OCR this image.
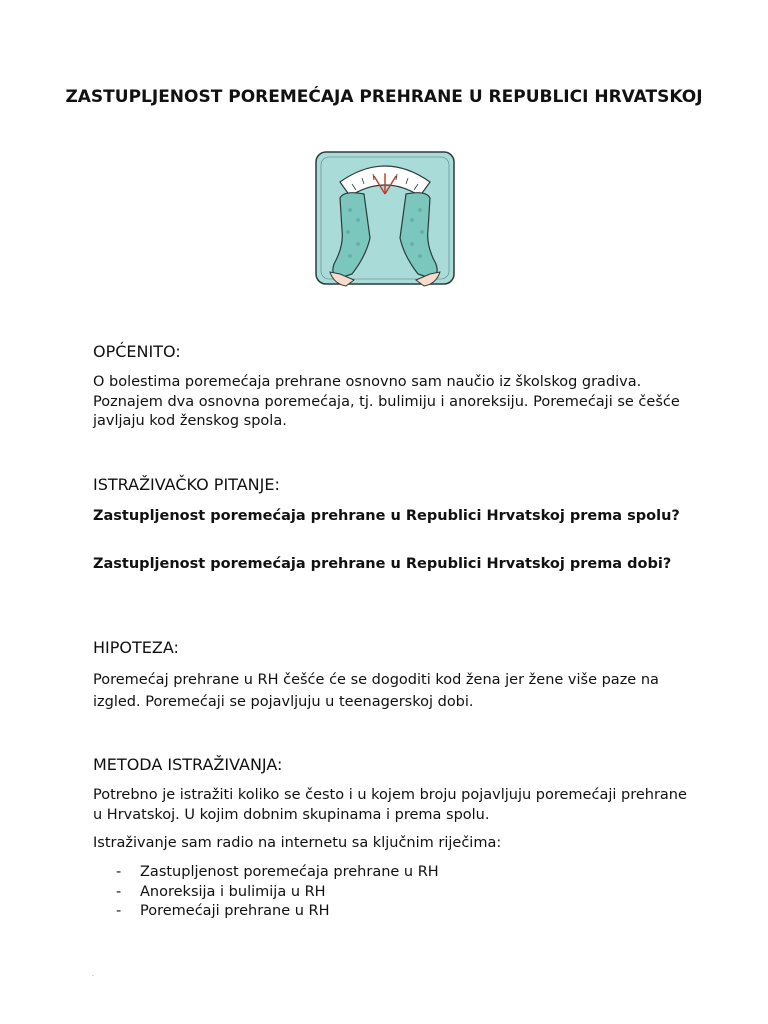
ZASTUPLJENOST POREMEĆAJA PREHRANE U REPUBLICI HRVATSKOJ
OPĆENITO:
O bolestima poremećaja prehrane osnovno sam naučio iz školskog gradiva. Poznajem dva osnovna poremećaja, tj. bulimiju i anoreksiju. Poremećaji se češće javljaju kod ženskog spola.
ISTRAŽIVAČKO PITANJE:
Zastupljenost poremećaja prehrane u Republici Hrvatskoj prema spolu?
Zastupljenost poremećaja prehrane u Republici Hrvatskoj prema dobi?
HIPOTEZA:
Poremećaj prehrane u RH češće će se dogoditi kod žena jer žene više paze na izgled. Poremećaji se pojavljuju u teenagerskoj dobi.
METODA ISTRAŽIVANJA:
Potrebno je istražiti koliko se često i u kojem broju pojavljuju poremećaji prehrane u Hrvatskoj. U kojim dobnim skupinama i prema spolu.
Istraživanje sam radio na internetu sa ključnim riječima:
-	Zastupljenost poremećaja prehrane u RH
-	Anoreksija i bulimija u RH
-	Poremećaji prehrane u RH
.
